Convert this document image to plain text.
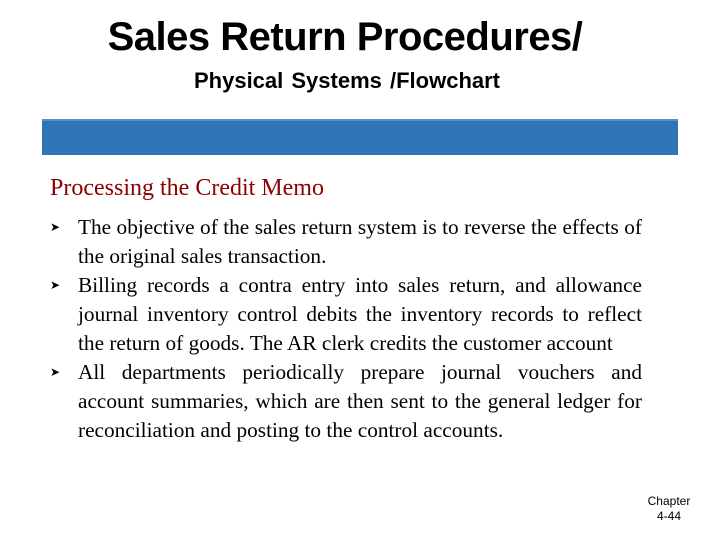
Sales Return Procedures/
Physical Systems /Flowchart
Processing the Credit Memo
➤ The objective of the sales return system is to reverse the effects of the original sales transaction.
➤ Billing records a contra entry into sales return, and allowance journal inventory control debits the inventory records to reflect the return of goods. The AR clerk credits the customer account
➤ All departments periodically prepare journal vouchers and account summaries, which are then sent to the general ledger for reconciliation and posting to the control accounts.
Chapter
4-44
